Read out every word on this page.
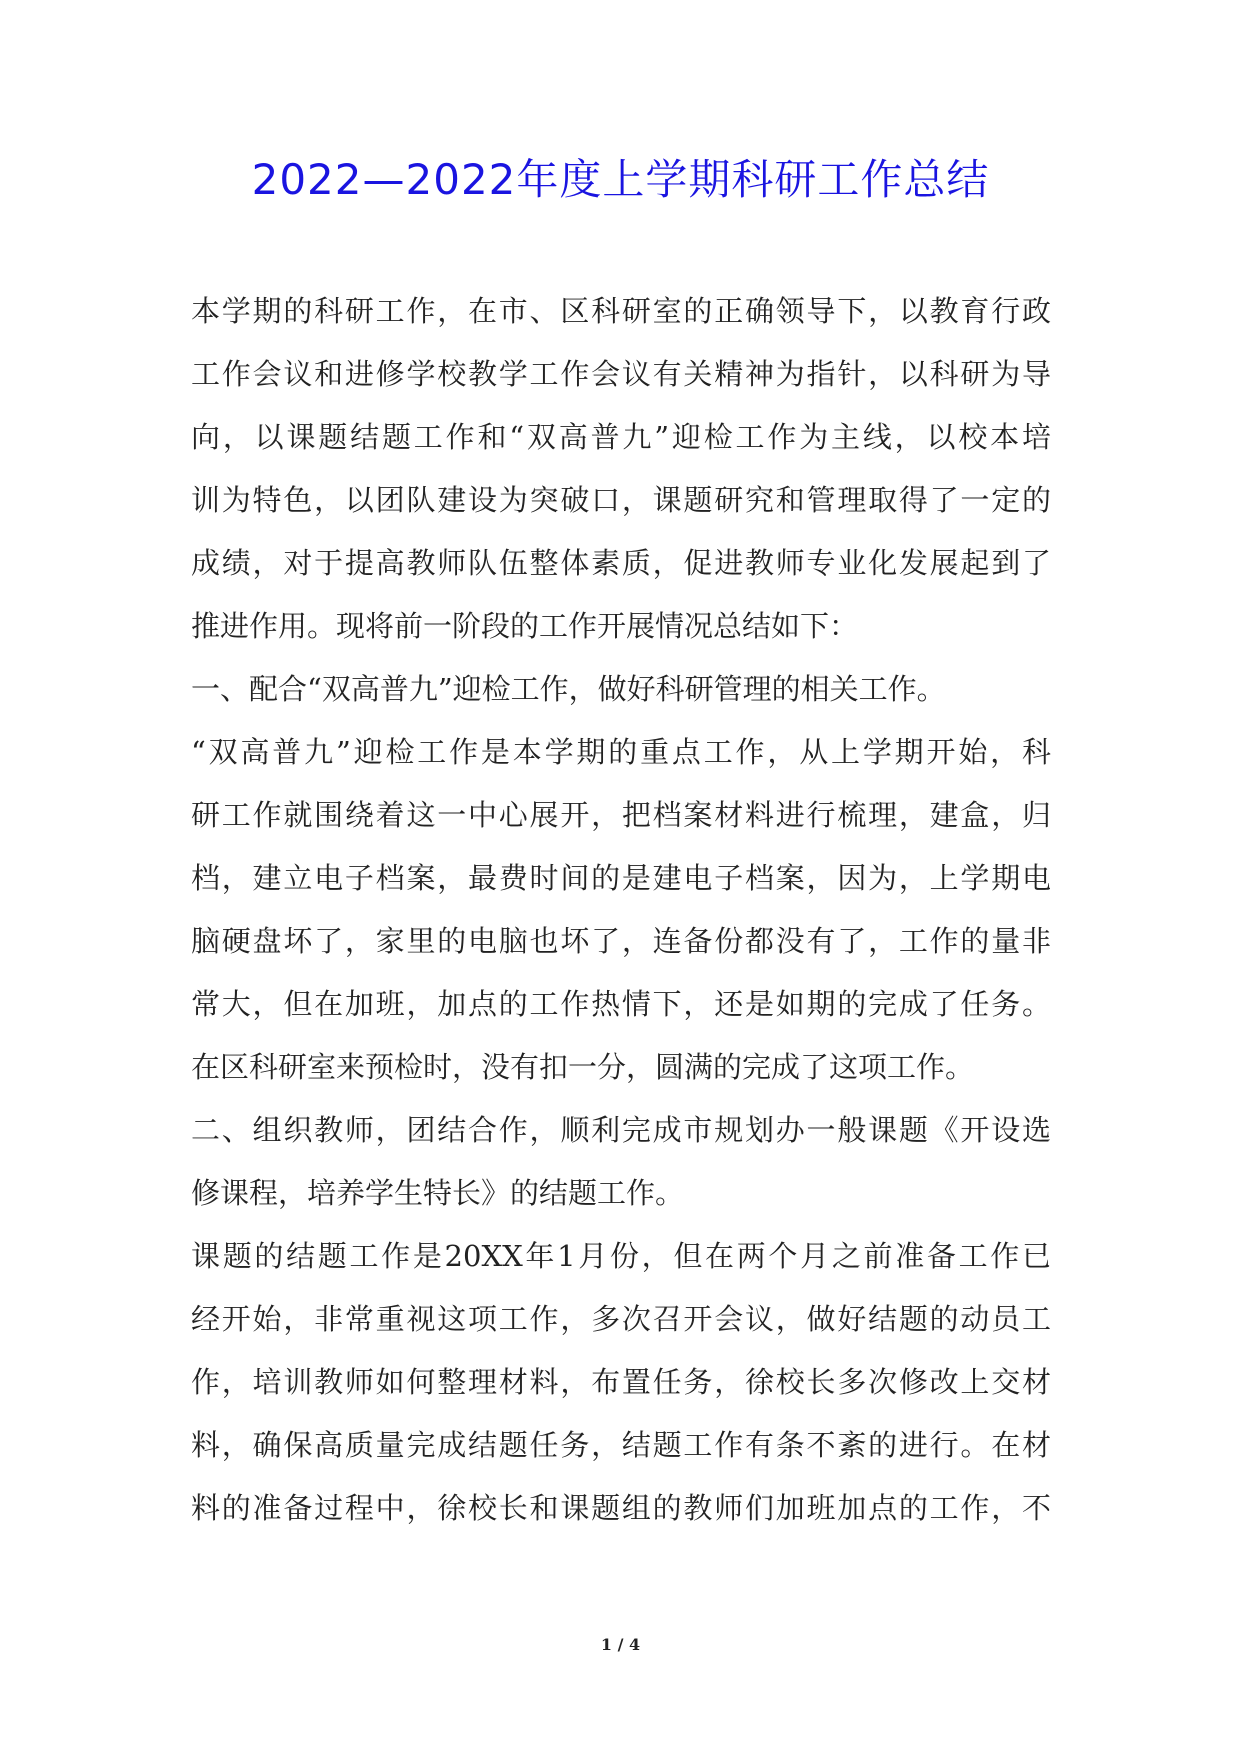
2022—2022年度上学期科研工作总结
本学期的科研工作，在市、区科研室的正确领导下，以教育行政
工作会议和进修学校教学工作会议有关精神为指针，以科研为导
向，以课题结题工作和“双高普九”迎检工作为主线，以校本培
训为特色，以团队建设为突破口，课题研究和管理取得了一定的
成绩，对于提高教师队伍整体素质，促进教师专业化发展起到了
推进作用。现将前一阶段的工作开展情况总结如下：
一、配合“双高普九”迎检工作，做好科研管理的相关工作。
“双高普九”迎检工作是本学期的重点工作，从上学期开始，科
研工作就围绕着这一中心展开，把档案材料进行梳理，建盒，归
档，建立电子档案，最费时间的是建电子档案，因为，上学期电
脑硬盘坏了，家里的电脑也坏了，连备份都没有了，工作的量非
常大，但在加班，加点的工作热情下，还是如期的完成了任务。
在区科研室来预检时，没有扣一分，圆满的完成了这项工作。
二、组织教师，团结合作，顺利完成市规划办一般课题《开设选
修课程，培养学生特长》的结题工作。
课题的结题工作是20XX年1月份，但在两个月之前准备工作已
经开始，非常重视这项工作，多次召开会议，做好结题的动员工
作，培训教师如何整理材料，布置任务，徐校长多次修改上交材
料，确保高质量完成结题任务，结题工作有条不紊的进行。在材
料的准备过程中，徐校长和课题组的教师们加班加点的工作，不
1 / 4
